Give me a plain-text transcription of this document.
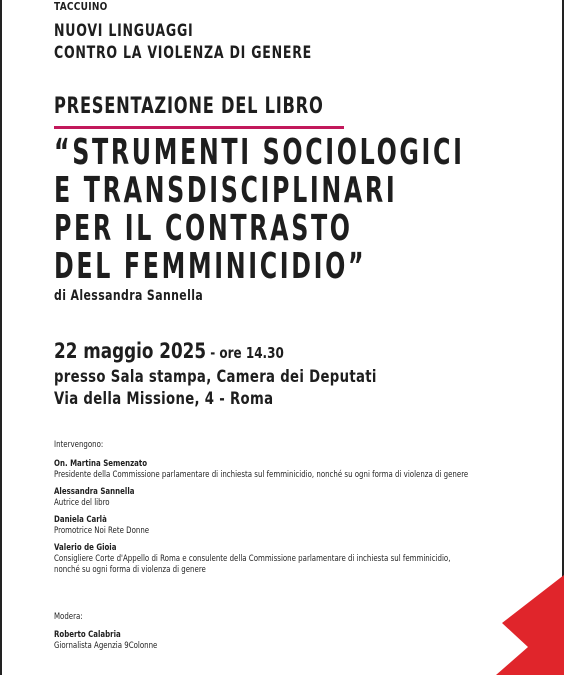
TACCUINO
NUOVI LINGUAGGI
CONTRO LA VIOLENZA DI GENERE
PRESENTAZIONE DEL LIBRO
“STRUMENTI SOCIOLOGICI
E TRANSDISCIPLINARI
PER IL CONTRASTO
DEL FEMMINICIDIO”
di Alessandra Sannella
22 maggio 2025 - ore 14.30
presso Sala stampa, Camera dei Deputati
Via della Missione, 4 - Roma
Intervengono:
On. Martina Semenzato
Presidente della Commissione parlamentare di inchiesta sul femminicidio, nonché su ogni forma di violenza di genere
Alessandra Sannella
Autrice del libro
Daniela Carlà
Promotrice Noi Rete Donne
Valerio de Gioia
Consigliere Corte d'Appello di Roma e consulente della Commissione parlamentare di inchiesta sul femminicidio,
nonché su ogni forma di violenza di genere
Modera:
Roberto Calabria
Giornalista Agenzia 9Colonne
